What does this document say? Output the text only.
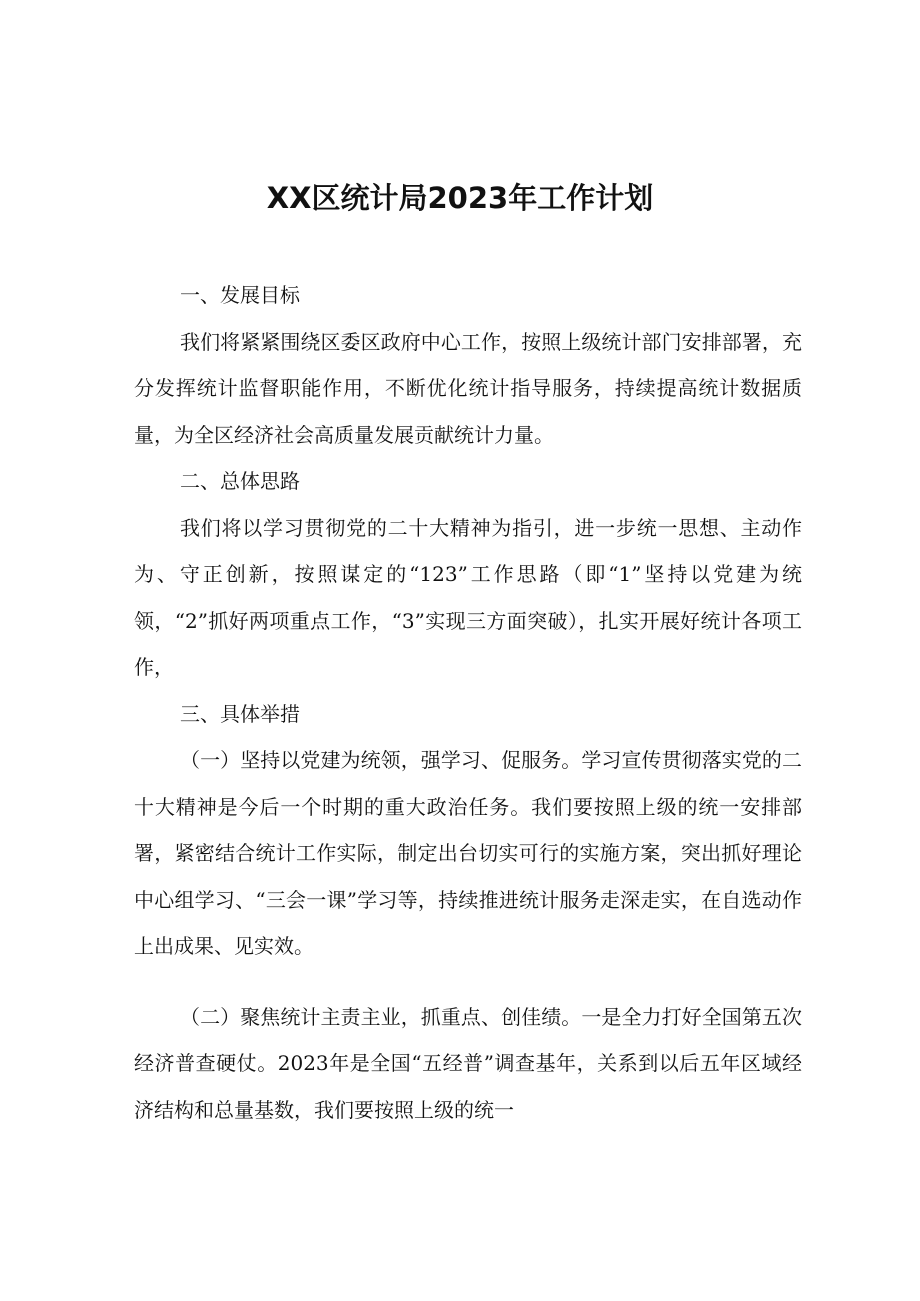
XX区统计局2023年工作计划

一、发展目标

我们将紧紧围绕区委区政府中心工作，按照上级统计部门安排部署，充分发挥统计监督职能作用，不断优化统计指导服务，持续提高统计数据质量，为全区经济社会高质量发展贡献统计力量。

二、总体思路

我们将以学习贯彻党的二十大精神为指引，进一步统一思想、主动作为、守正创新，按照谋定的“123”工作思路（即“1”坚持以党建为统领，“2”抓好两项重点工作，“3”实现三方面突破），扎实开展好统计各项工作，

三、具体举措

（一）坚持以党建为统领，强学习、促服务。学习宣传贯彻落实党的二十大精神是今后一个时期的重大政治任务。我们要按照上级的统一安排部署，紧密结合统计工作实际，制定出台切实可行的实施方案，突出抓好理论中心组学习、“三会一课”学习等，持续推进统计服务走深走实，在自选动作上出成果、见实效。

（二）聚焦统计主责主业，抓重点、创佳绩。一是全力打好全国第五次经济普查硬仗。2023年是全国“五经普”调查基年，关系到以后五年区域经济结构和总量基数，我们要按照上级的统一
